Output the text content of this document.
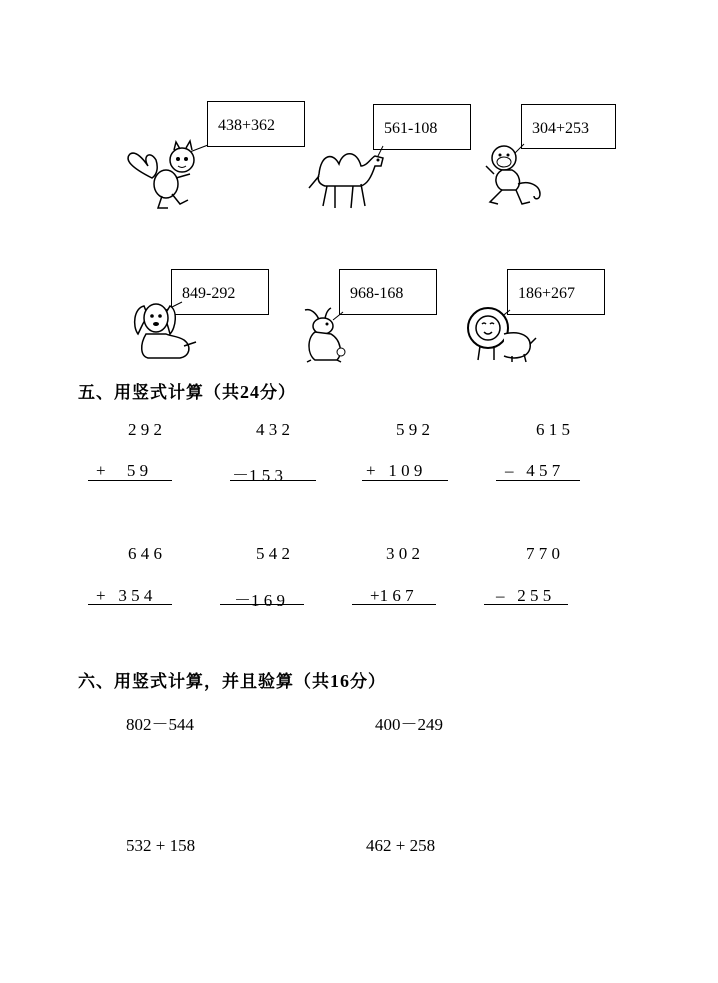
438+362	561-108	304+253
849-292	968-168	186+267
五、用竖式计算（共24分）
2 9 2
+     5 9
4 3 2
－1 5 3
5 9 2
+   1 0 9
6 1 5
–   4 5 7
6 4 6
+   3 5 4
5 4 2
－1 6 9
3 0 2
+1 6 7
7 7 0
–   2 5 5
六、用竖式计算，并且验算（共16分）
802－544	400－249
532 + 158	462 + 258
